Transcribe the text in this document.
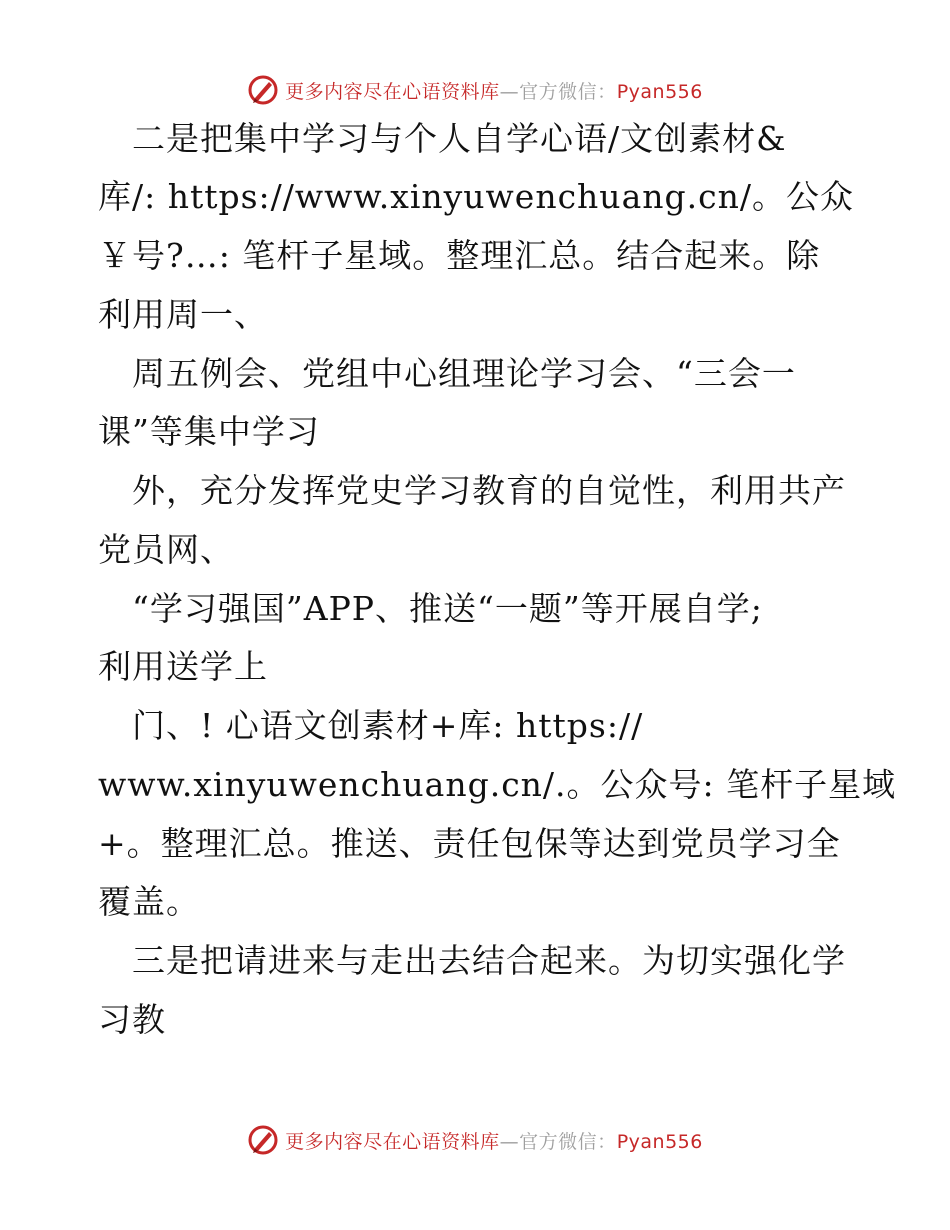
更多内容尽在心语资料库—官方微信：Pyan556
　二是把集中学习与个人自学心语/文创素材&
库/: https://www.xinyuwenchuang.cn/。公众
￥号?…: 笔杆子星域。整理汇总。结合起来。除
利用周一、
　周五例会、党组中心组理论学习会、“三会一
课”等集中学习
　外，充分发挥党史学习教育的自觉性，利用共产
党员网、
　“学习强国”APP、推送“一题”等开展自学;
利用送学上
　门、! 心语文创素材+库: https://
www.xinyuwenchuang.cn/.。公众号: 笔杆子星域
+。整理汇总。推送、责任包保等达到党员学习全
覆盖。
　三是把请进来与走出去结合起来。为切实强化学
习教
更多内容尽在心语资料库—官方微信：Pyan556
